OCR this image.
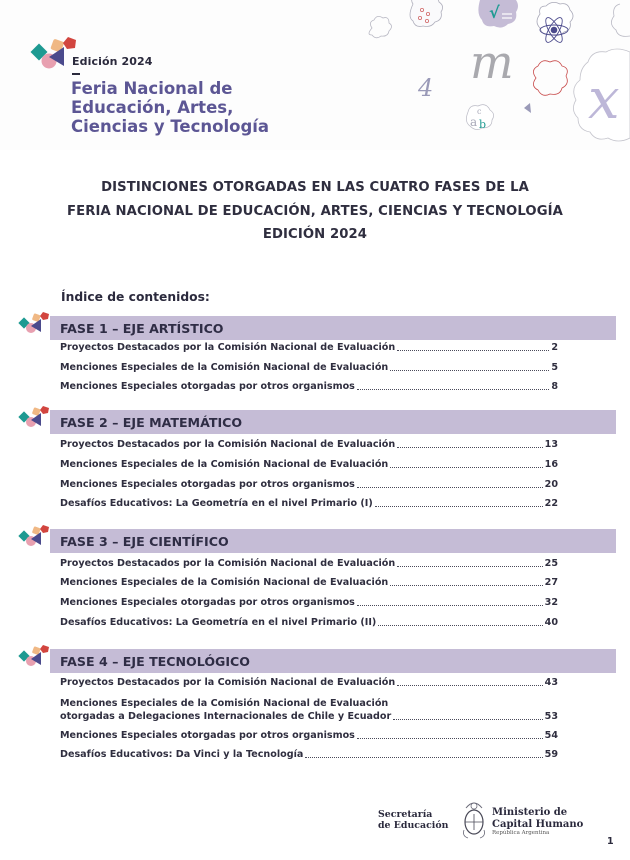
Edición 2024
Feria Nacional de
Educación, Artes,
Ciencias y Tecnología
√
m
4
a b
c x
DISTINCIONES OTORGADAS EN LAS CUATRO FASES DE LA
FERIA NACIONAL DE EDUCACIÓN, ARTES, CIENCIAS Y TECNOLOGÍA
EDICIÓN 2024
Índice de contenidos:
FASE 1 – EJE ARTÍSTICO
Proyectos Destacados por la Comisión Nacional de Evaluación	2
Menciones Especiales de la Comisión Nacional de Evaluación	5
Menciones Especiales otorgadas por otros organismos	8
FASE 2 – EJE MATEMÁTICO
Proyectos Destacados por la Comisión Nacional de Evaluación	13
Menciones Especiales de la Comisión Nacional de Evaluación	16
Menciones Especiales otorgadas por otros organismos	20
Desafíos Educativos: La Geometría en el nivel Primario (I)	22
FASE 3 – EJE CIENTÍFICO
Proyectos Destacados por la Comisión Nacional de Evaluación	25
Menciones Especiales de la Comisión Nacional de Evaluación	27
Menciones Especiales otorgadas por otros organismos	32
Desafíos Educativos: La Geometría en el nivel Primario (II)	40
FASE 4 – EJE TECNOLÓGICO
Proyectos Destacados por la Comisión Nacional de Evaluación	43
Menciones Especiales de la Comisión Nacional de Evaluación
otorgadas a Delegaciones Internacionales de Chile y Ecuador	53
Menciones Especiales otorgadas por otros organismos	54
Desafíos Educativos: Da Vinci y la Tecnología	59
Secretaría
de Educación
Ministerio de
Capital Humano
República Argentina
1
